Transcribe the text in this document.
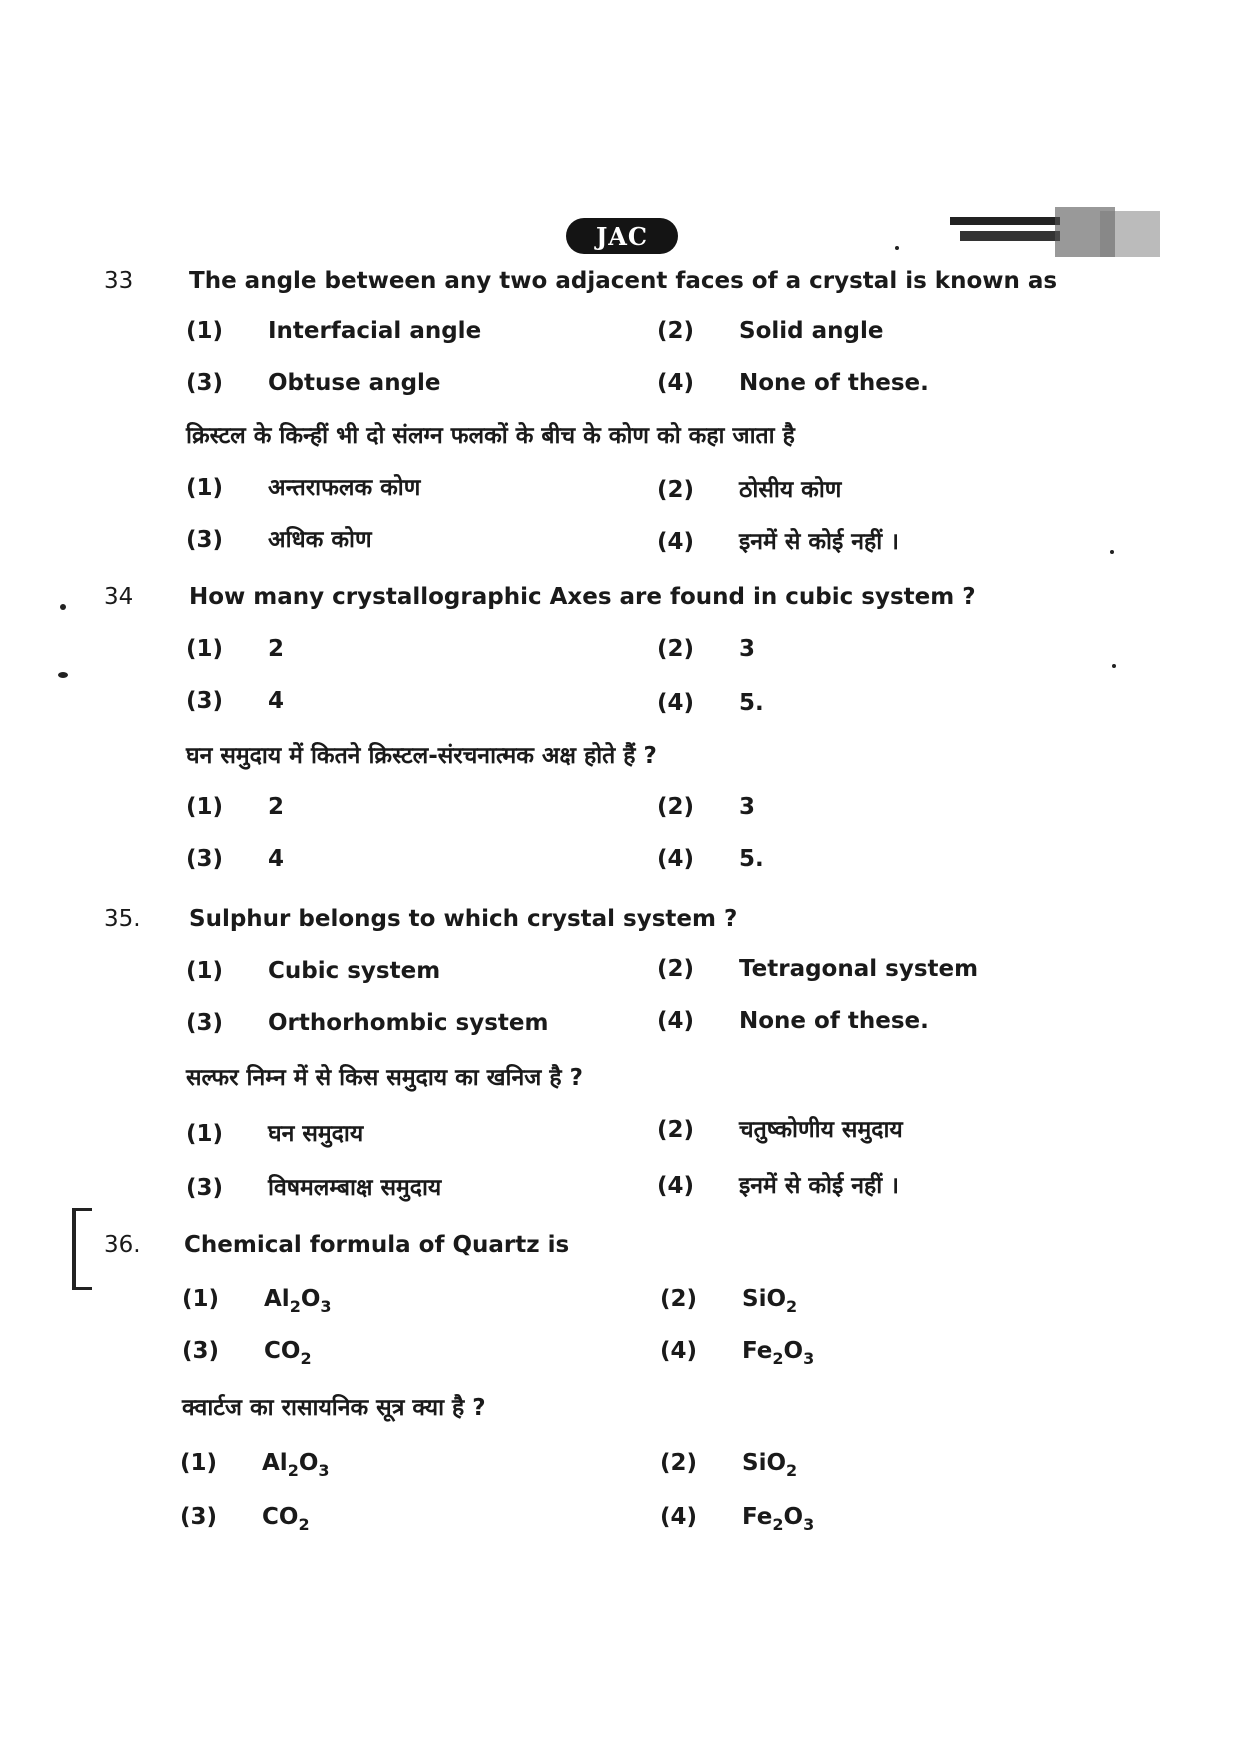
JAC
33	The angle between any two adjacent faces of a crystal is known as
(1) Interfacial angle	(2) Solid angle
(3) Obtuse angle	(4) None of these.
क्रिस्टल के किन्हीं भी दो संलग्न फलकों के बीच के कोण को कहा जाता है
(1) अन्तराफलक कोण	(2) ठोसीय कोण
(3) अधिक कोण	(4) इनमें से कोई नहीं ।
34	How many crystallographic Axes are found in cubic system ?
(1) 2	(2) 3
(3) 4	(4) 5.
घन समुदाय में कितने क्रिस्टल-संरचनात्मक अक्ष होते हैं ?
(1) 2	(2) 3
(3) 4	(4) 5.
35.	Sulphur belongs to which crystal system ?
(1) Cubic system	(2) Tetragonal system
(3) Orthorhombic system	(4) None of these.
सल्फर निम्न में से किस समुदाय का खनिज है ?
(1) घन समुदाय	(2) चतुष्कोणीय समुदाय
(3) विषमलम्बाक्ष समुदाय	(4) इनमें से कोई नहीं ।
36.	Chemical formula of Quartz is
(1) $Al_2O_3$	(2) SiO$_2$
(3) $CO_2$	(4) $Fe_2O_3$
क्वार्टज का रासायनिक सूत्र क्या है ?
(1) $Al_2O_3$	(2) SiO$_2$
(3) $CO_2$	(4) $Fe_2O_3$
